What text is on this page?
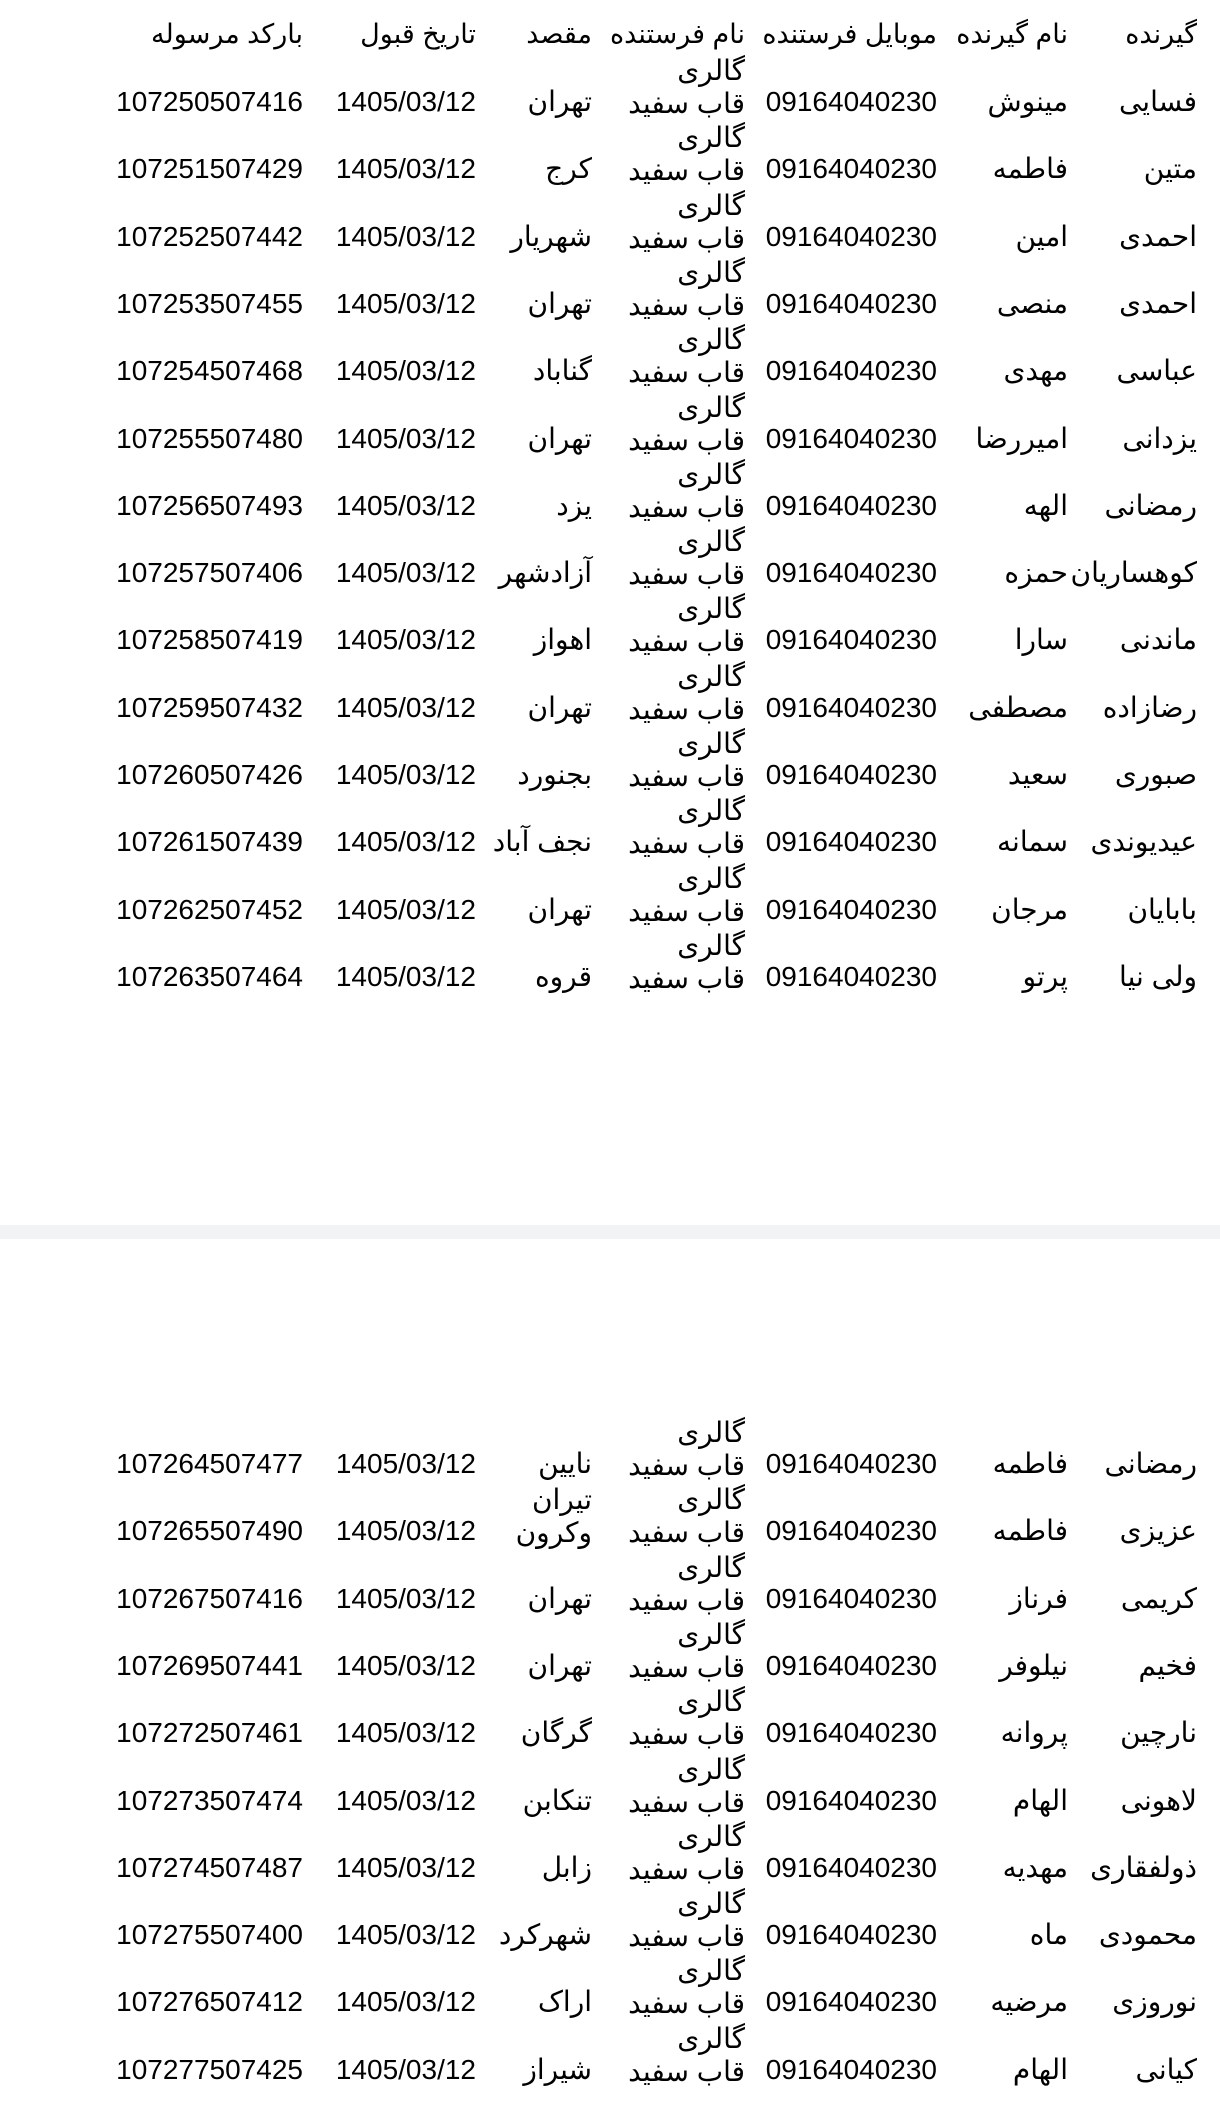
گیرنده
نام گیرنده
موبایل فرستنده
نام فرستنده
مقصد
تاریخ قبول
بارکد مرسوله
فسایی
مینوش
09164040230
گالری قاب سفید
تهران
1405/03/12
107250507416
متین
فاطمه
09164040230
گالری قاب سفید
کرج
1405/03/12
107251507429
احمدی
امین
09164040230
گالری قاب سفید
شهریار
1405/03/12
107252507442
احمدی
منصی
09164040230
گالری قاب سفید
تهران
1405/03/12
107253507455
عباسی
مهدی
09164040230
گالری قاب سفید
گناباد
1405/03/12
107254507468
یزدانی
امیررضا
09164040230
گالری قاب سفید
تهران
1405/03/12
107255507480
رمضانی
الهه
09164040230
گالری قاب سفید
یزد
1405/03/12
107256507493
کوهساریان
حمزه
09164040230
گالری قاب سفید
آزادشهر
1405/03/12
107257507406
ماندنی
سارا
09164040230
گالری قاب سفید
اهواز
1405/03/12
107258507419
رضازاده
مصطفی
09164040230
گالری قاب سفید
تهران
1405/03/12
107259507432
صبوری
سعید
09164040230
گالری قاب سفید
بجنورد
1405/03/12
107260507426
عیدیوندی
سمانه
09164040230
گالری قاب سفید
نجف آباد
1405/03/12
107261507439
بابایان
مرجان
09164040230
گالری قاب سفید
تهران
1405/03/12
107262507452
ولی نیا
پرتو
09164040230
گالری قاب سفید
قروه
1405/03/12
107263507464
رمضانی
فاطمه
09164040230
گالری قاب سفید
نایین
1405/03/12
107264507477
عزیزی
فاطمه
09164040230
گالری قاب سفید
تیران وکرون
1405/03/12
107265507490
کریمی
فرناز
09164040230
گالری قاب سفید
تهران
1405/03/12
107267507416
فخیم
نیلوفر
09164040230
گالری قاب سفید
تهران
1405/03/12
107269507441
نارچین
پروانه
09164040230
گالری قاب سفید
گرگان
1405/03/12
107272507461
لاهونی
الهام
09164040230
گالری قاب سفید
تنکابن
1405/03/12
107273507474
ذولفقاری
مهدیه
09164040230
گالری قاب سفید
زابل
1405/03/12
107274507487
محمودی
ماه
09164040230
گالری قاب سفید
شهرکرد
1405/03/12
107275507400
نوروزی
مرضیه
09164040230
گالری قاب سفید
اراک
1405/03/12
107276507412
کیانی
الهام
09164040230
گالری قاب سفید
شیراز
1405/03/12
107277507425
